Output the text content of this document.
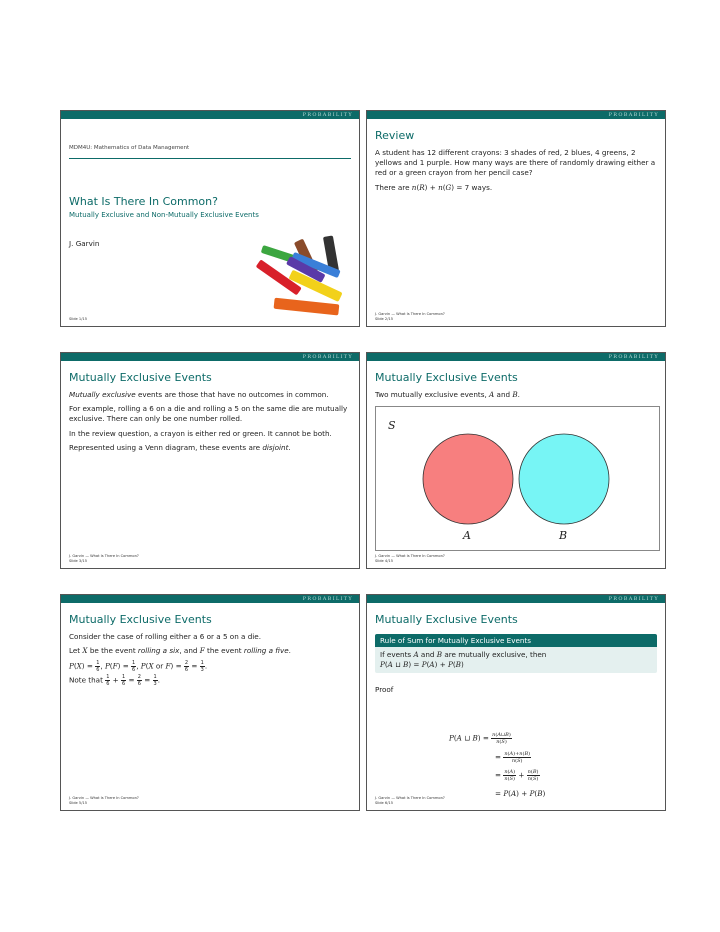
PROBABILITY
MDM4U: Mathematics of Data Management
What Is There In Common?
Mutually Exclusive and Non-Mutually Exclusive Events
J. Garvin
Slide 1/15
PROBABILITY
Review

A student has 12 different crayons: 3 shades of red, 2 blues, 4 greens, 2 yellows and 1 purple. How many ways are there of randomly drawing either a red or a green crayon from her pencil case?

There are n(R) + n(G) = 7 ways.

J. Garvin — What Is There In Common?
Slide 2/15
PROBABILITY
Mutually Exclusive Events

Mutually exclusive events are those that have no outcomes in common.

For example, rolling a 6 on a die and rolling a 5 on the same die are mutually exclusive. There can only be one number rolled.

In the review question, a crayon is either red or green. It cannot be both.

Represented using a Venn diagram, these events are disjoint.

J. Garvin — What Is There In Common?
Slide 3/15
PROBABILITY
Mutually Exclusive Events

Two mutually exclusive events, A and B.

S
A	B
J. Garvin — What Is There In Common?
Slide 4/15
PROBABILITY
Mutually Exclusive Events

Consider the case of rolling either a 6 or a 5 on a die.

Let X be the event rolling a six, and F the event rolling a five.

$P(X) = \frac{1}{6}$ , $P(F) = \frac{1}{6}$ , P(X or $F) = \frac{2}{6} = \frac{1}{3}$ .

Note that $\frac{1}{6} + \frac{1}{6} = \frac{2}{6} = \frac{1}{3}$ .

J. Garvin — What Is There In Common?
Slide 5/15
PROBABILITY
Mutually Exclusive Events
Rule of Sum for Mutually Exclusive Events
If events A and B are mutually exclusive, then
P(A ⊔ B) = P(A) + P(B)
Proof
P(A ⊔ $B) = \frac{n(A⊔B)}{n(S)}$
= $\frac{n(A)+n(B)}{n(S)}$
= $\frac{n(A)}{n(S)} + \frac{n(B)}{n(S)}$
= P(A) + P(B)
J. Garvin — What Is There In Common?
Slide 6/15
